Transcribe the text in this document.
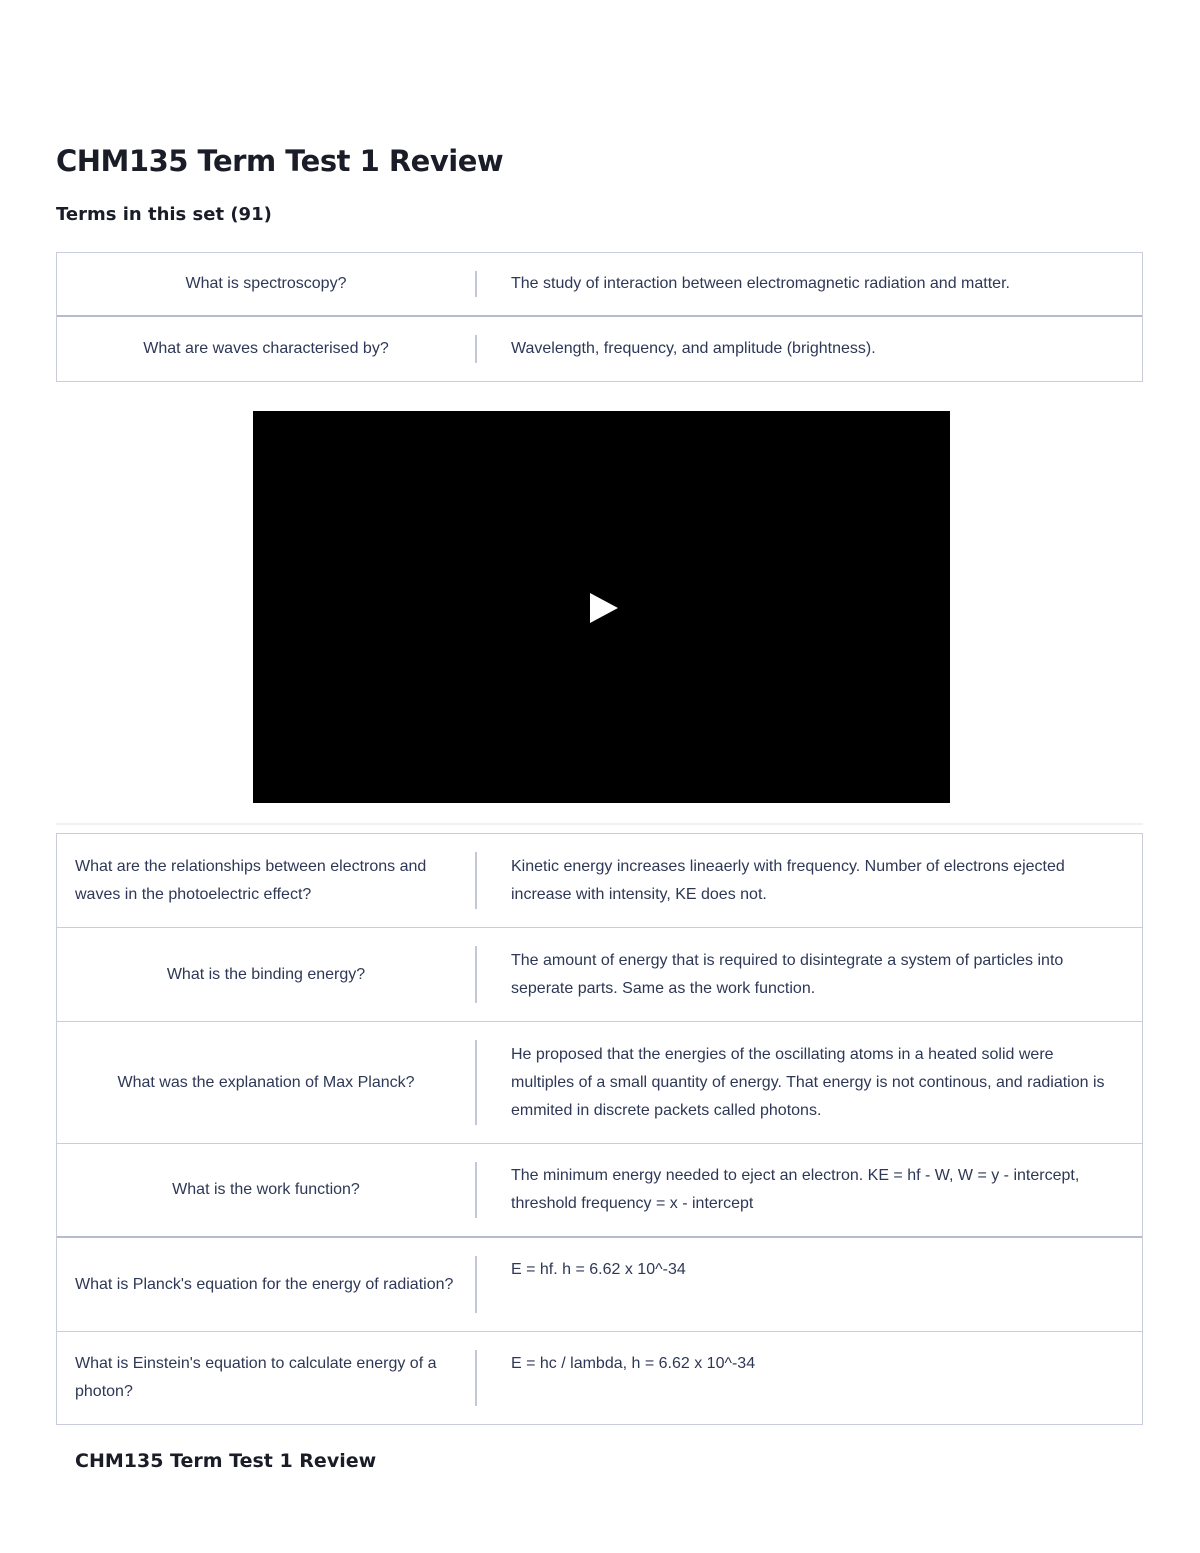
CHM135 Term Test 1 Review
Terms in this set (91)
What is spectroscopy?	The study of interaction between electromagnetic radiation and matter.
What are waves characterised by?	Wavelength, frequency, and amplitude (brightness).
What are the relationships between electrons and waves in the photoelectric effect?
Kinetic energy increases lineaerly with frequency. Number of electrons ejected increase with intensity, KE does not.
What is the binding energy?
The amount of energy that is required to disintegrate a system of particles into seperate parts. Same as the work function.
What was the explanation of Max Planck?
He proposed that the energies of the oscillating atoms in a heated solid were multiples of a small quantity of energy. That energy is not continous, and radiation is emmited in discrete packets called photons.
What is the work function?
The minimum energy needed to eject an electron. KE = hf - W, W = y - intercept, threshold frequency = x - intercept
What is Planck's equation for the energy of radiation?
E = hf. h = 6.62 x 10^-34
What is Einstein's equation to calculate energy of a photon?
E = hc / lambda, h = 6.62 x 10^-34
CHM135 Term Test 1 Review
